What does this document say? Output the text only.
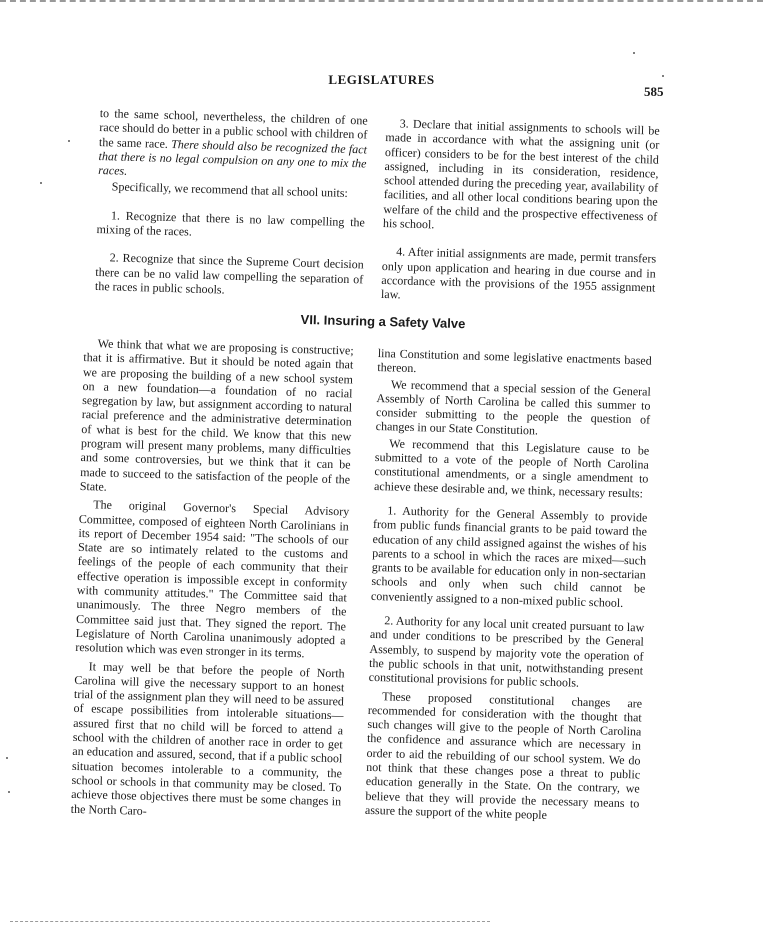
LEGISLATURES
585

to the same school, nevertheless, the children of one race should do better in a public school with children of the same race. There should also be recognized the fact that there is no legal compulsion on any one to mix the races.

Specifically, we recommend that all school units:

1. Recognize that there is no law compelling the mixing of the races.

2. Recognize that since the Supreme Court decision there can be no valid law compelling the separation of the races in public schools.

3. Declare that initial assignments to schools will be made in accordance with what the assigning unit (or officer) considers to be for the best interest of the child assigned, including in its consideration, residence, school attended during the preceding year, availability of facilities, and all other local conditions bearing upon the welfare of the child and the prospective effectiveness of his school.

4. After initial assignments are made, permit transfers only upon application and hearing in due course and in accordance with the provisions of the 1955 assignment law.

VII. Insuring a Safety Valve

We think that what we are proposing is constructive; that it is affirmative. But it should be noted again that we are proposing the building of a new school system on a new foundation—a foundation of no racial segregation by law, but assignment according to natural racial preference and the administrative determination of what is best for the child. We know that this new program will present many problems, many difficulties and some controversies, but we think that it can be made to succeed to the satisfaction of the people of the State.

The original Governor's Special Advisory Committee, composed of eighteen North Carolinians in its report of December 1954 said: "The schools of our State are so intimately related to the customs and feelings of the people of each community that their effective operation is impossible except in conformity with community attitudes." The Committee said that unanimously. The three Negro members of the Committee said just that. They signed the report. The Legislature of North Carolina unanimously adopted a resolution which was even stronger in its terms.

It may well be that before the people of North Carolina will give the necessary support to an honest trial of the assignment plan they will need to be assured of escape possibilities from intolerable situations—assured first that no child will be forced to attend a school with the children of another race in order to get an education and assured, second, that if a public school situation becomes intolerable to a community, the school or schools in that community may be closed. To achieve those objectives there must be some changes in the North Caro-

lina Constitution and some legislative enactments based thereon.

We recommend that a special session of the General Assembly of North Carolina be called this summer to consider submitting to the people the question of changes in our State Constitution.

We recommend that this Legislature cause to be submitted to a vote of the people of North Carolina constitutional amendments, or a single amendment to achieve these desirable and, we think, necessary results:

1. Authority for the General Assembly to provide from public funds financial grants to be paid toward the education of any child assigned against the wishes of his parents to a school in which the races are mixed—such grants to be available for education only in non-sectarian schools and only when such child cannot be conveniently assigned to a non-mixed public school.

2. Authority for any local unit created pursuant to law and under conditions to be prescribed by the General Assembly, to suspend by majority vote the operation of the public schools in that unit, notwithstanding present constitutional provisions for public schools.

These proposed constitutional changes are recommended for consideration with the thought that such changes will give to the people of North Carolina the confidence and assurance which are necessary in order to aid the rebuilding of our school system. We do not think that these changes pose a threat to public education generally in the State. On the contrary, we believe that they will provide the necessary means to assure the support of the white people
